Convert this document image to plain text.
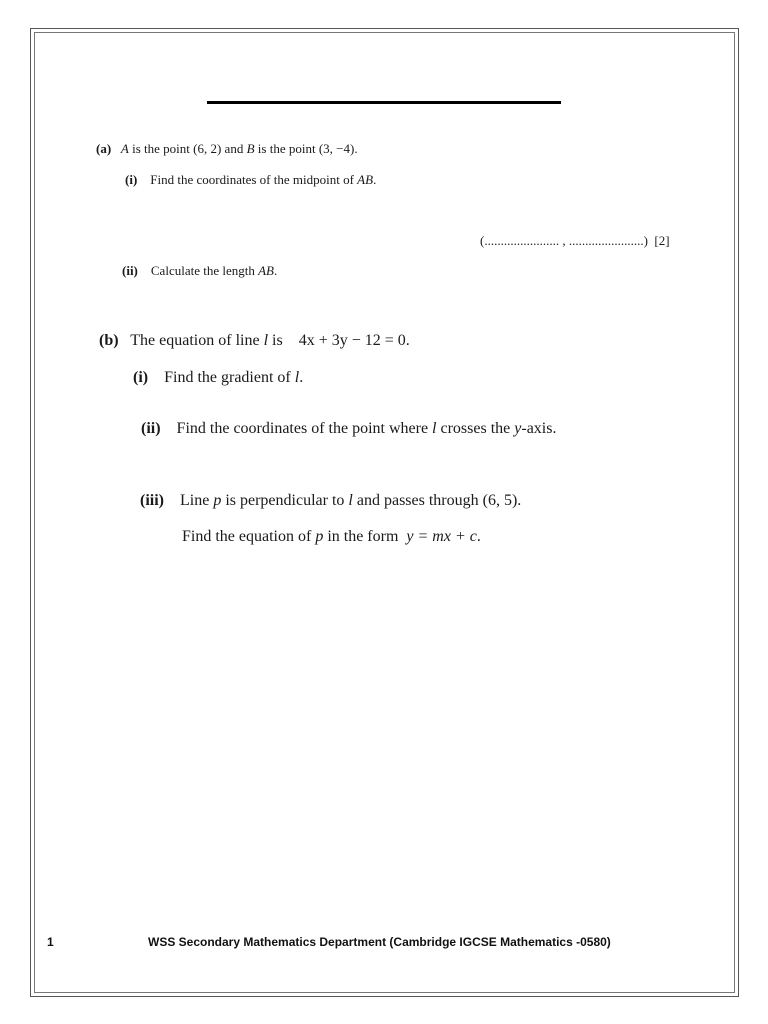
(a) A is the point (6, 2) and B is the point (3, −4).
(i) Find the coordinates of the midpoint of AB.
(....................... , .......................) [2]
(ii) Calculate the length AB.
(b) The equation of line l is 4x + 3y − 12 = 0.
(i) Find the gradient of l.
(ii) Find the coordinates of the point where l crosses the y-axis.
(iii) Line p is perpendicular to l and passes through (6, 5).
Find the equation of p in the form  y = mx + c.
1	WSS Secondary Mathematics Department (Cambridge IGCSE Mathematics -0580)
